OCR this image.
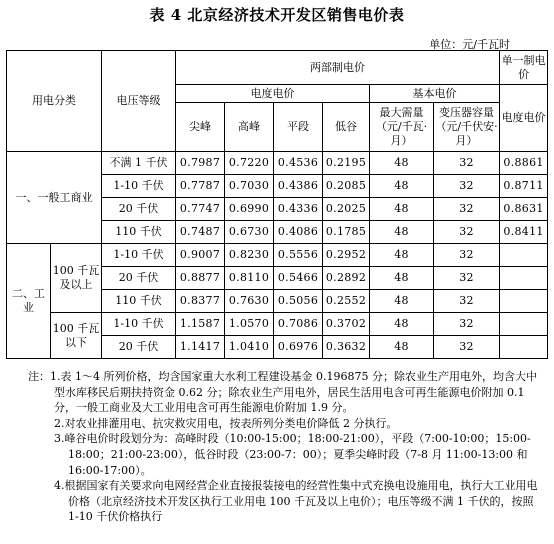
表 4 北京经济技术开发区销售电价表
单位：元/千瓦时
用电分类		电压等级	两部制电价						单一制电价
			电度电价				基本电价		电度电价
			尖峰	高峰	平段	低谷	最大需量（元/千瓦·月）	变压器容量（元/千伏安·月）	
一、一般工商业		不满 1 千伏	0.7987	0.7220	0.4536	0.2195	48	32	0.8861
		1-10 千伏	0.7787	0.7030	0.4386	0.2085	48	32	0.8711
		20 千伏	0.7747	0.6990	0.4336	0.2025	48	32	0.8631
		110 千伏	0.7487	0.6730	0.4086	0.1785	48	32	0.8411
二、工业	100 千瓦及以上	1-10 千伏	0.9007	0.8230	0.5556	0.2952	48	32	
		20 千伏	0.8877	0.8110	0.5466	0.2892	48	32	
		110 千伏	0.8377	0.7630	0.5056	0.2552	48	32	
	100 千瓦以下	1-10 千伏	1.1587	1.0570	0.7086	0.3702	48	32	
		20 千伏	1.1417	1.0410	0.6976	0.3632	48	32	

注：1.表 1～4 所列价格，均含国家重大水利工程建设基金 0.196875 分；除农业生产用电外，均含大中型水库移民后期扶持资金 0.62 分；除农业生产用电外，居民生活用电含可再生能源电价附加 0.1 分，一般工商业及大工业用电含可再生能源电价附加 1.9 分。

2.对农业排灌用电、抗灾救灾用电，按表所列分类电价降低 2 分执行。

3.峰谷电价时段划分为：高峰时段（10:00-15:00；18:00-21:00），平段（7:00-10:00；15:00-18:00；21:00-23:00），低谷时段（23:00-7：00）；夏季尖峰时段（7-8 月 11:00-13:00 和 16:00-17:00）。

4.根据国家有关要求向电网经营企业直接报装接电的经营性集中式充换电设施用电，执行大工业用电价格（北京经济技术开发区执行工业用电 100 千瓦及以上电价）；电压等级不满 1 千伏的，按照 1-10 千伏价格执行
